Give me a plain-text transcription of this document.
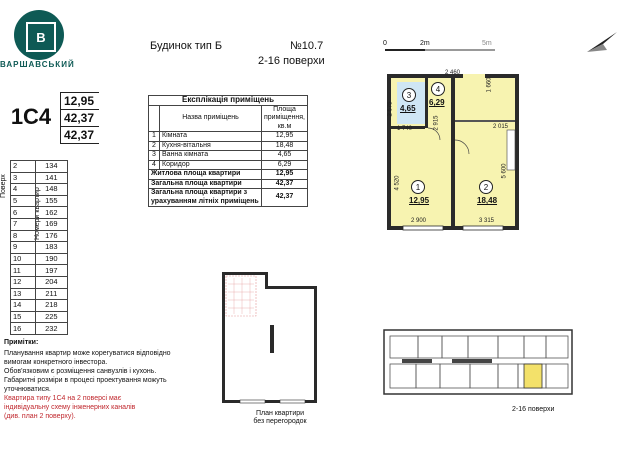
В
ВАРШАВСЬКИЙ
Будинок тип Б	№10.7
2-16 поверхи
1С4
12,95
42,37
42,37
Поверх
Номери квартир
2	134
3	141
4	148
5	155
6	162
7	169
8	176
9	183
10	190
11	197
12	204
13	211
14	218
15	225
16	232
Експлікація приміщень		
	Назва приміщень	Площа приміщення, кв.м
1	Кімната	12,95
2	Кухня-вітальня	18,48
3	Ванна кімната	4,65
4	Коридор	6,29
Житлова площа квартири		12,95
Загальна площа квартири		42,37
Загальна площа квартири з урахуванням літніх приміщень		42,37
0	2m	5m
3
4,65
4
6,29
1
12,95
2
18,48
2 460
2 915
1 660
1 740
2 675
2 015
4 520
5 600
2 900	3 315
План квартири
без перегородок
2-16 поверхи
Примітки:
Планування квартир може корегуватися відповідно
вимогам конкретного інвестора.
Обов'язковим є розміщення санвузлів і кухонь.
Габаритні розміри в процесі проектування можуть
уточнюватися.
Квартира типу 1С4 на 2 поверсі має
індивідуальну схему інженерних каналів
(див. план 2 поверху).
